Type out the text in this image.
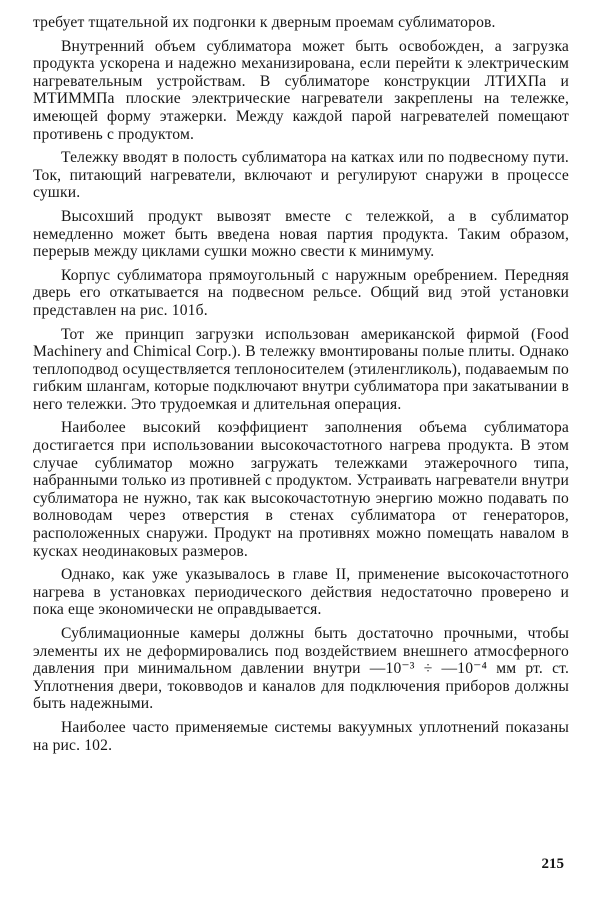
требует тщательной их подгонки к дверным проемам сублиматоров.

Внутренний объем сублиматора может быть освобожден, а загрузка продукта ускорена и надежно механизирована, если перейти к электрическим нагревательным устройствам. В сублиматоре конструкции ЛТИХПа и МТИММПа плоские электрические нагреватели закреплены на тележке, имеющей форму этажерки. Между каждой парой нагревателей помещают противень с продуктом.

Тележку вводят в полость сублиматора на катках или по подвесному пути. Ток, питающий нагреватели, включают и регулируют снаружи в процессе сушки.

Высохший продукт вывозят вместе с тележкой, а в сублиматор немедленно может быть введена новая партия продукта. Таким образом, перерыв между циклами сушки можно свести к минимуму.

Корпус сублиматора прямоугольный с наружным оребрением. Передняя дверь его откатывается на подвесном рельсе. Общий вид этой установки представлен на рис. 101б.

Тот же принцип загрузки использован американской фирмой (Food Machinery and Chimical Corp.). В тележку вмонтированы полые плиты. Однако теплоподвод осуществляется теплоносителем (этиленгликоль), подаваемым по гибким шлангам, которые подключают внутри сублиматора при закатывании в него тележки. Это трудоемкая и длительная операция.

Наиболее высокий коэффициент заполнения объема сублиматора достигается при использовании высокочастотного нагрева продукта. В этом случае сублиматор можно загружать тележками этажерочного типа, набранными только из противней с продуктом. Устраивать нагреватели внутри сублиматора не нужно, так как высокочастотную энергию можно подавать по волноводам через отверстия в стенах сублиматора от генераторов, расположенных снаружи. Продукт на противнях можно помещать навалом в кусках неодинаковых размеров.

Однако, как уже указывалось в главе II, применение высокочастотного нагрева в установках периодического действия недостаточно проверено и пока еще экономически не оправдывается.

Сублимационные камеры должны быть достаточно прочными, чтобы элементы их не деформировались под воздействием внешнего атмосферного давления при минимальном давлении внутри —10⁻³ ÷ —10⁻⁴ мм рт. ст. Уплотнения двери, токовводов и каналов для подключения приборов должны быть надежными.

Наиболее часто применяемые системы вакуумных уплотнений показаны на рис. 102.

215
